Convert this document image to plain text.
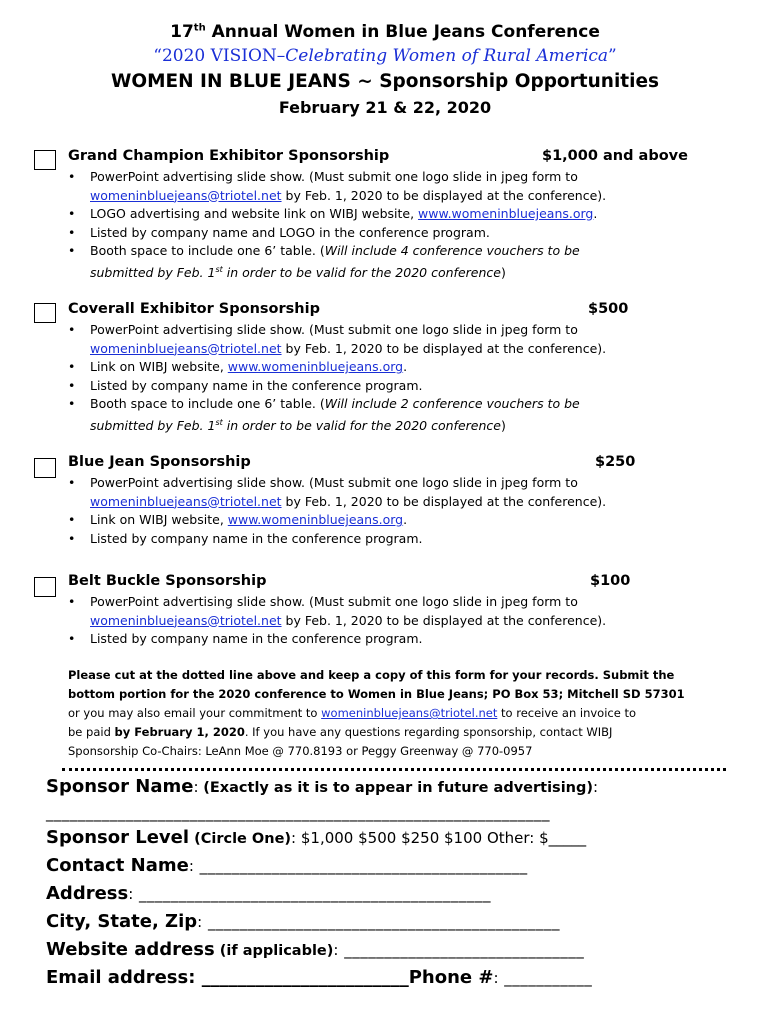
17th Annual Women in Blue Jeans Conference
“2020 VISION–Celebrating Women of Rural America”
WOMEN IN BLUE JEANS ~ Sponsorship Opportunities
February 21 & 22, 2020
Grand Champion Exhibitor Sponsorship	$1,000 and above
• PowerPoint advertising slide show. (Must submit one logo slide in jpeg form to
womeninbluejeans@triotel.net by Feb. 1, 2020 to be displayed at the conference).
• LOGO advertising and website link on WIBJ website, www.womeninbluejeans.org.
• Listed by company name and LOGO in the conference program.
• Booth space to include one 6’ table. (Will include 4 conference vouchers to be
submitted by Feb. 1st in order to be valid for the 2020 conference)
Coverall Exhibitor Sponsorship	$500
• PowerPoint advertising slide show. (Must submit one logo slide in jpeg form to
womeninbluejeans@triotel.net by Feb. 1, 2020 to be displayed at the conference).
• Link on WIBJ website, www.womeninbluejeans.org.
• Listed by company name in the conference program.
• Booth space to include one 6’ table. (Will include 2 conference vouchers to be
submitted by Feb. 1st in order to be valid for the 2020 conference)
Blue Jean Sponsorship	$250
• PowerPoint advertising slide show. (Must submit one logo slide in jpeg form to
womeninbluejeans@triotel.net by Feb. 1, 2020 to be displayed at the conference).
• Link on WIBJ website, www.womeninbluejeans.org.
• Listed by company name in the conference program.
Belt Buckle Sponsorship	$100
• PowerPoint advertising slide show. (Must submit one logo slide in jpeg form to
womeninbluejeans@triotel.net by Feb. 1, 2020 to be displayed at the conference).
• Listed by company name in the conference program.
Please cut at the dotted line above and keep a copy of this form for your records. Submit the
bottom portion for the 2020 conference to Women in Blue Jeans; PO Box 53; Mitchell SD 57301
or you may also email your commitment to womeninbluejeans@triotel.net to receive an invoice to
be paid by February 1, 2020. If you have any questions regarding sponsorship, contact WIBJ
Sponsorship Co-Chairs: LeAnn Moe @ 770.8193 or Peggy Greenway @ 770-0957
Sponsor Name: (Exactly as it is to appear in future advertising):
_______________________________________________________________
Sponsor Level (Circle One): $1,000 $500 $250 $100 Other: $_____
Contact Name: _________________________________________
Address: ____________________________________________
City, State, Zip: ____________________________________________
Website address (if applicable): ______________________________
Email address: _______________________Phone #: ___________
